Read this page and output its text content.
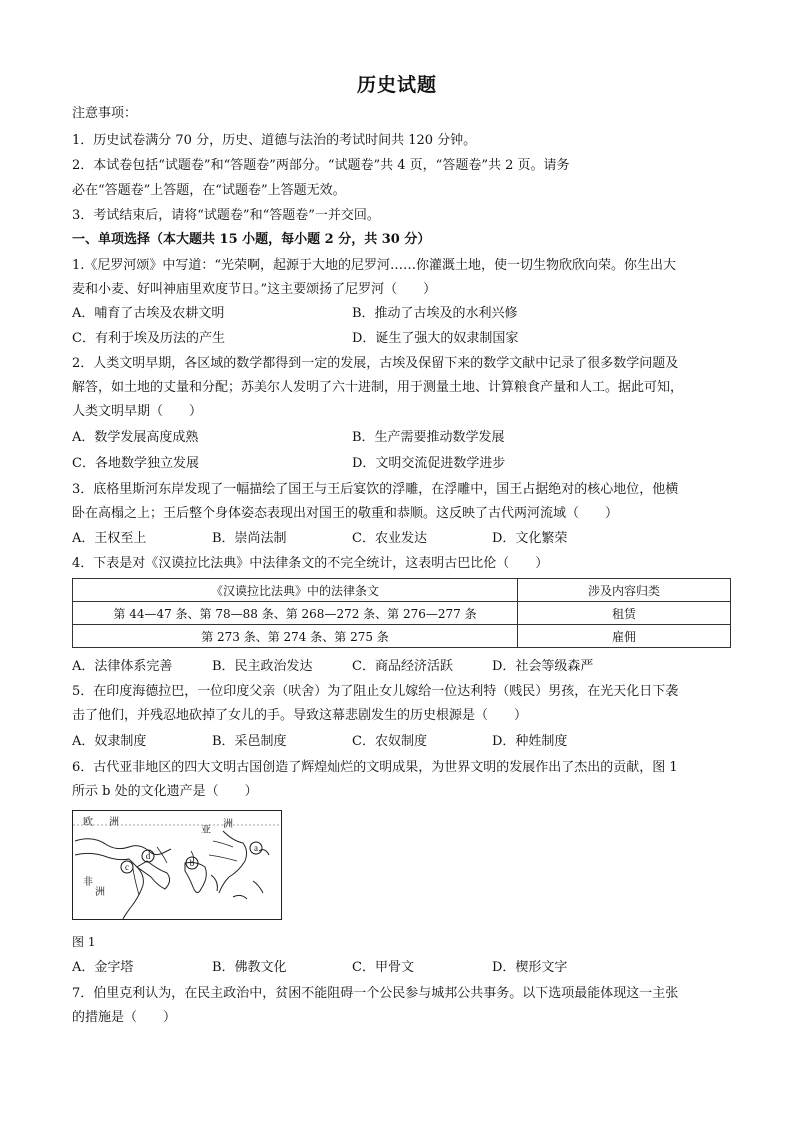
历史试题
注意事项：
1．历史试卷满分 70 分，历史、道德与法治的考试时间共 120 分钟。
2．本试卷包括“试题卷”和“答题卷”两部分。“试题卷”共 4 页，“答题卷”共 2 页。请务
必在“答题卷”上答题，在“试题卷”上答题无效。
3．考试结束后，请将“试题卷”和“答题卷”一并交回。
一、单项选择（本大题共 15 小题，每小题 2 分，共 30 分）
1.《尼罗河颂》中写道：“光荣啊，起源于大地的尼罗河……你灌溉土地，使一切生物欣欣向荣。你生出大
麦和小麦、好叫神庙里欢度节日。”这主要颂扬了尼罗河（　　）
A．哺育了古埃及农耕文明	B．推动了古埃及的水利兴修
C．有利于埃及历法的产生	D．诞生了强大的奴隶制国家
2．人类文明早期，各区域的数学都得到一定的发展，古埃及保留下来的数学文献中记录了很多数学问题及
解答，如土地的丈量和分配；苏美尔人发明了六十进制，用于测量土地、计算粮食产量和人工。据此可知，
人类文明早期（　　）
A．数学发展高度成熟	B．生产需要推动数学发展
C．各地数学独立发展	D．文明交流促进数学进步
3．底格里斯河东岸发现了一幅描绘了国王与王后宴饮的浮雕，在浮雕中，国王占据绝对的核心地位，他横
卧在高榻之上；王后整个身体姿态表现出对国王的敬重和恭顺。这反映了古代两河流域（　　）
A．王权至上	B．崇尚法制	C．农业发达	D．文化繁荣
4．下表是对《汉谟拉比法典》中法律条文的不完全统计，这表明古巴比伦（　　）
《汉谟拉比法典》中的法律条文	涉及内容归类
第 44—47 条、第 78—88 条、第 268—272 条、第 276—277 条	租赁
第 273 条、第 274 条、第 275 条	雇佣
A．法律体系完善	B．民主政治发达	C．商品经济活跃	D．社会等级森严
5．在印度海德拉巴，一位印度父亲（吠舍）为了阻止女儿嫁给一位达利特（贱民）男孩，在光天化日下袭
击了他们，并残忍地砍掉了女儿的手。导致这幕悲剧发生的历史根源是（　　）
A．奴隶制度	B．采邑制度	C．农奴制度	D．种姓制度
6．古代亚非地区的四大文明古国创造了辉煌灿烂的文明成果，为世界文明的发展作出了杰出的贡献，图 1
所示 b 处的文化遗产是（　　）
a
b
c
d
欧 洲
亚
洲
非
洲
图 1
A．金字塔	B．佛教文化	C．甲骨文	D．楔形文字
7．伯里克利认为，在民主政治中，贫困不能阻碍一个公民参与城邦公共事务。以下选项最能体现这一主张
的措施是（　　）
